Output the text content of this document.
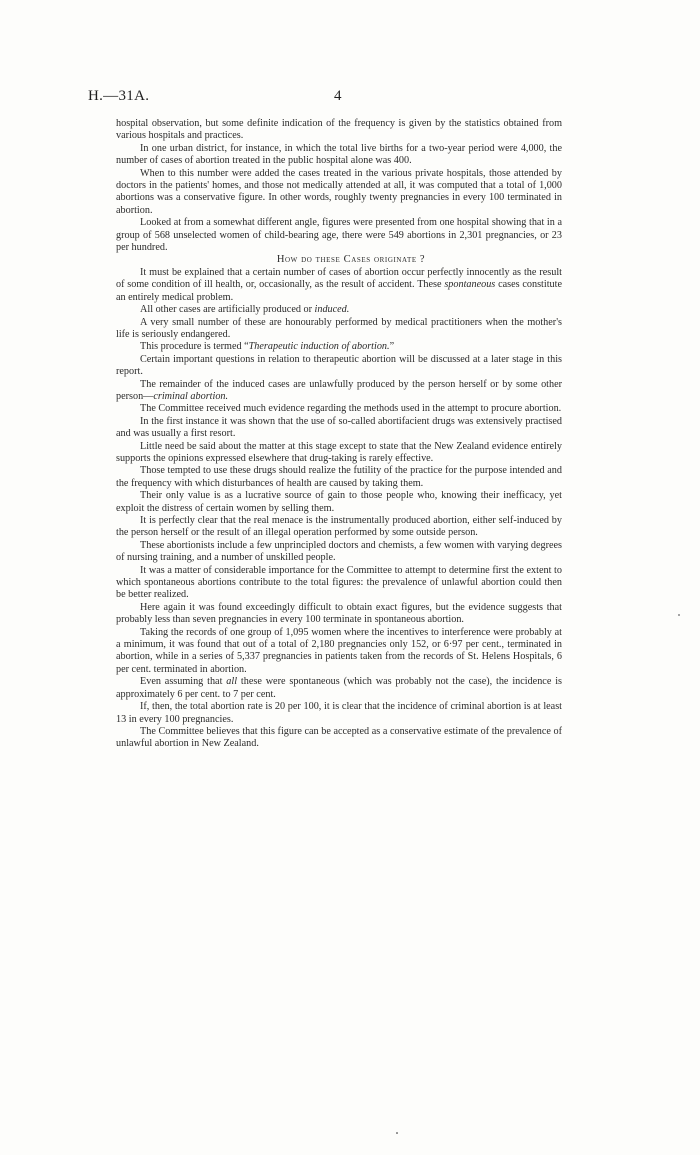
H.—31A.	4

hospital observation, but some definite indication of the frequency is given by the statistics obtained from various hospitals and practices.

In one urban district, for instance, in which the total live births for a two-year period were 4,000, the number of cases of abortion treated in the public hospital alone was 400.

When to this number were added the cases treated in the various private hospitals, those attended by doctors in the patients' homes, and those not medically attended at all, it was computed that a total of 1,000 abortions was a conservative figure. In other words, roughly twenty pregnancies in every 100 terminated in abortion.

Looked at from a somewhat different angle, figures were presented from one hospital showing that in a group of 568 unselected women of child-bearing age, there were 549 abortions in 2,301 pregnancies, or 23 per hundred.

How do these Cases originate ?

It must be explained that a certain number of cases of abortion occur perfectly innocently as the result of some condition of ill health, or, occasionally, as the result of accident. These spontaneous cases constitute an entirely medical problem.

All other cases are artificially produced or induced.

A very small number of these are honourably performed by medical practitioners when the mother's life is seriously endangered.

This procedure is termed “Therapeutic induction of abortion.”

Certain important questions in relation to therapeutic abortion will be discussed at a later stage in this report.

The remainder of the induced cases are unlawfully produced by the person herself or by some other person—criminal abortion.

The Committee received much evidence regarding the methods used in the attempt to procure abortion.

In the first instance it was shown that the use of so-called abortifacient drugs was extensively practised and was usually a first resort.

Little need be said about the matter at this stage except to state that the New Zealand evidence entirely supports the opinions expressed elsewhere that drug-taking is rarely effective.

Those tempted to use these drugs should realize the futility of the practice for the purpose intended and the frequency with which disturbances of health are caused by taking them.

Their only value is as a lucrative source of gain to those people who, knowing their inefficacy, yet exploit the distress of certain women by selling them.

It is perfectly clear that the real menace is the instrumentally produced abortion, either self-induced by the person herself or the result of an illegal operation performed by some outside person.

These abortionists include a few unprincipled doctors and chemists, a few women with varying degrees of nursing training, and a number of unskilled people.

It was a matter of considerable importance for the Committee to attempt to determine first the extent to which spontaneous abortions contribute to the total figures: the prevalence of unlawful abortion could then be better realized.

Here again it was found exceedingly difficult to obtain exact figures, but the evidence suggests that probably less than seven pregnancies in every 100 terminate in spontaneous abortion.

Taking the records of one group of 1,095 women where the incentives to interference were probably at a minimum, it was found that out of a total of 2,180 pregnancies only 152, or 6·97 per cent., terminated in abortion, while in a series of 5,337 pregnancies in patients taken from the records of St. Helens Hospitals, 6 per cent. terminated in abortion.

Even assuming that all these were spontaneous (which was probably not the case), the incidence is approximately 6 per cent. to 7 per cent.

If, then, the total abortion rate is 20 per 100, it is clear that the incidence of criminal abortion is at least 13 in every 100 pregnancies.

The Committee believes that this figure can be accepted as a conservative estimate of the prevalence of unlawful abortion in New Zealand.
